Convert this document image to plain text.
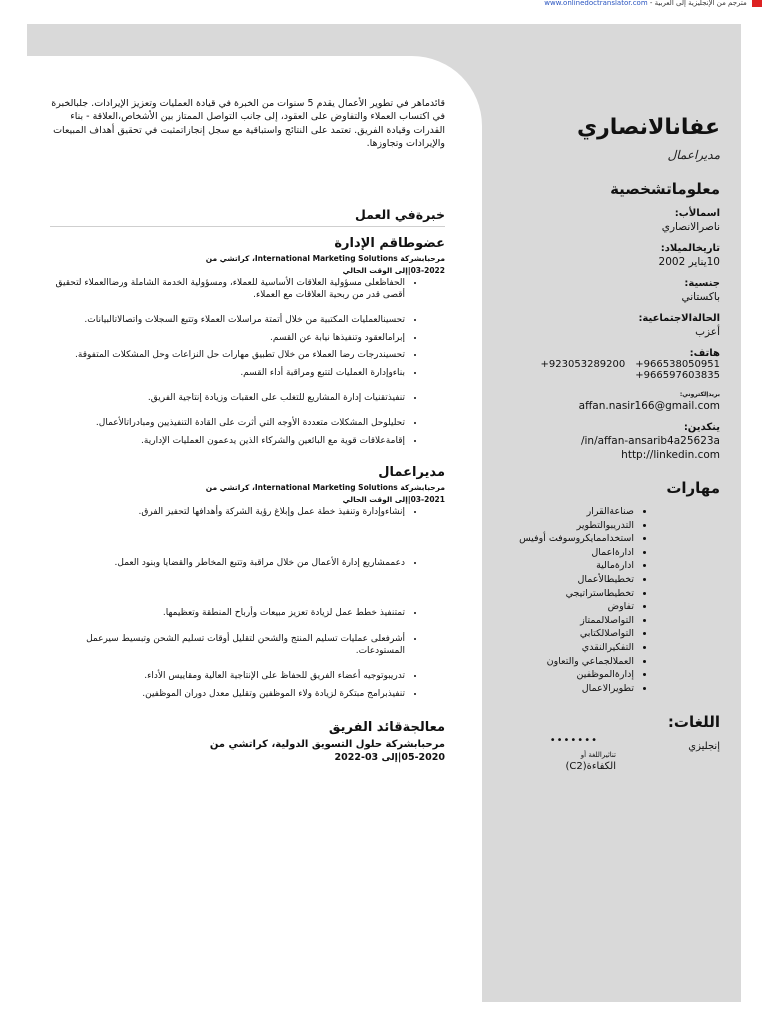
مترجم من الإنجليزية إلى العربية - www.onlinedoctranslator.com
عفانالانصاري
مديراعمال
معلوماتشخصية
اسمالأب:
ناصرالانصاري
تاريخالميلاد:
10يناير 2002
جنسية:
باكستاني
الحالةالاجتماعية:
أعزب
هاتف:
+923053289200 +966538050951
+966597603835
بريدإلكتروني:
affan.nasir166@gmail.com
ينكدين:
/in/affan-ansarib4a25623a
http://linkedin.com
مهارات
• صناعةالقرار
• التدريبوالتطوير
• استخداممايكروسوفت أوفيس
• ادارةاعمال
• ادارةمالية
• تخطيطالأعمال
• تخطيطاستراتيجي
• تفاوض
• التواصلالممتاز
• التواصلالكتابي
• التفكيرالنقدي
• العملالجماعي والتعاون
• إدارةالموظفين
• تطويرالاعمال
اللغات:
إنجليزي
•••••••
تناثيراللغة أو
الكفاءة(C2)

قائدماهر في تطوير الأعمال يقدم 5 سنوات من الخبرة في قيادة العمليات وتعزيز الإيرادات. جلبالخبرة في اكتساب العملاء والتفاوض على العقود، إلى جانب التواصل الممتاز بين الأشخاص،العلاقة - بناء القدرات وقيادة الفريق. تعتمد على النتائج واستباقية مع سجل إنجازاتمثبت في تحقيق أهداف المبيعات والإيرادات وتجاوزها.

خبرةفي العمل
عضوطاقم الإدارة
مرحبابشركة International Marketing Solutions، كراتشي من
03-2022|إلى الوقت الحالي
• الحفاظعلى مسؤولية العلاقات الأساسية للعملاء، ومسؤولية الخدمة الشاملة ورضاالعملاء لتحقيق أقصى قدر من ربحية العلاقات مع العملاء.
• تحسينالعمليات المكتبية من خلال أتمتة مراسلات العملاء وتتبع السجلات واتصالاتالبيانات.
• إبرامالعقود وتنفيذها نيابة عن القسم.
• تحسيندرجات رضا العملاء من خلال تطبيق مهارات حل النزاعات وحل المشكلات المتفوقة.
• بناءوإدارة العمليات لتتبع ومراقبة أداء القسم.
• تنفيذتقنيات إدارة المشاريع للتغلب على العقبات وزيادة إنتاجية الفريق.
• تحليلوحل المشكلات متعددة الأوجه التي أثرت على القادة التنفيذيين ومبادراتالأعمال.
• إقامةعلاقات قوية مع البائعين والشركاء الذين يدعمون العمليات الإدارية.
مديراعمال
مرحبابشركة International Marketing Solutions، كراتشي من
03-2021|إلى الوقت الحالي
• إنشاءوإدارة وتنفيذ خطة عمل وإبلاغ رؤية الشركة وأهدافها لتحفيز الفرق.
• دعممشاريع إدارة الأعمال من خلال مراقبة وتتبع المخاطر والقضايا وبنود العمل.
• تمتنفيذ خطط عمل لزيادة تعزيز مبيعات وأرباح المنطقة وتعظيمها.
• أشرفعلى عمليات تسليم المنتج والشحن لتقليل أوقات تسليم الشحن وتبسيط سيرعمل المستودعات.
• تدريبوتوجيه أعضاء الفريق للحفاظ على الإنتاجية العالية ومقاييس الأداء.
• تنفيذبرامج مبتكرة لزيادة ولاء الموظفين وتقليل معدل دوران الموظفين.
معالجةقائد الفريق
مرحبابشركة حلول التسويق الدولية، كراتشي من
05-2020|إلى 03-2022
